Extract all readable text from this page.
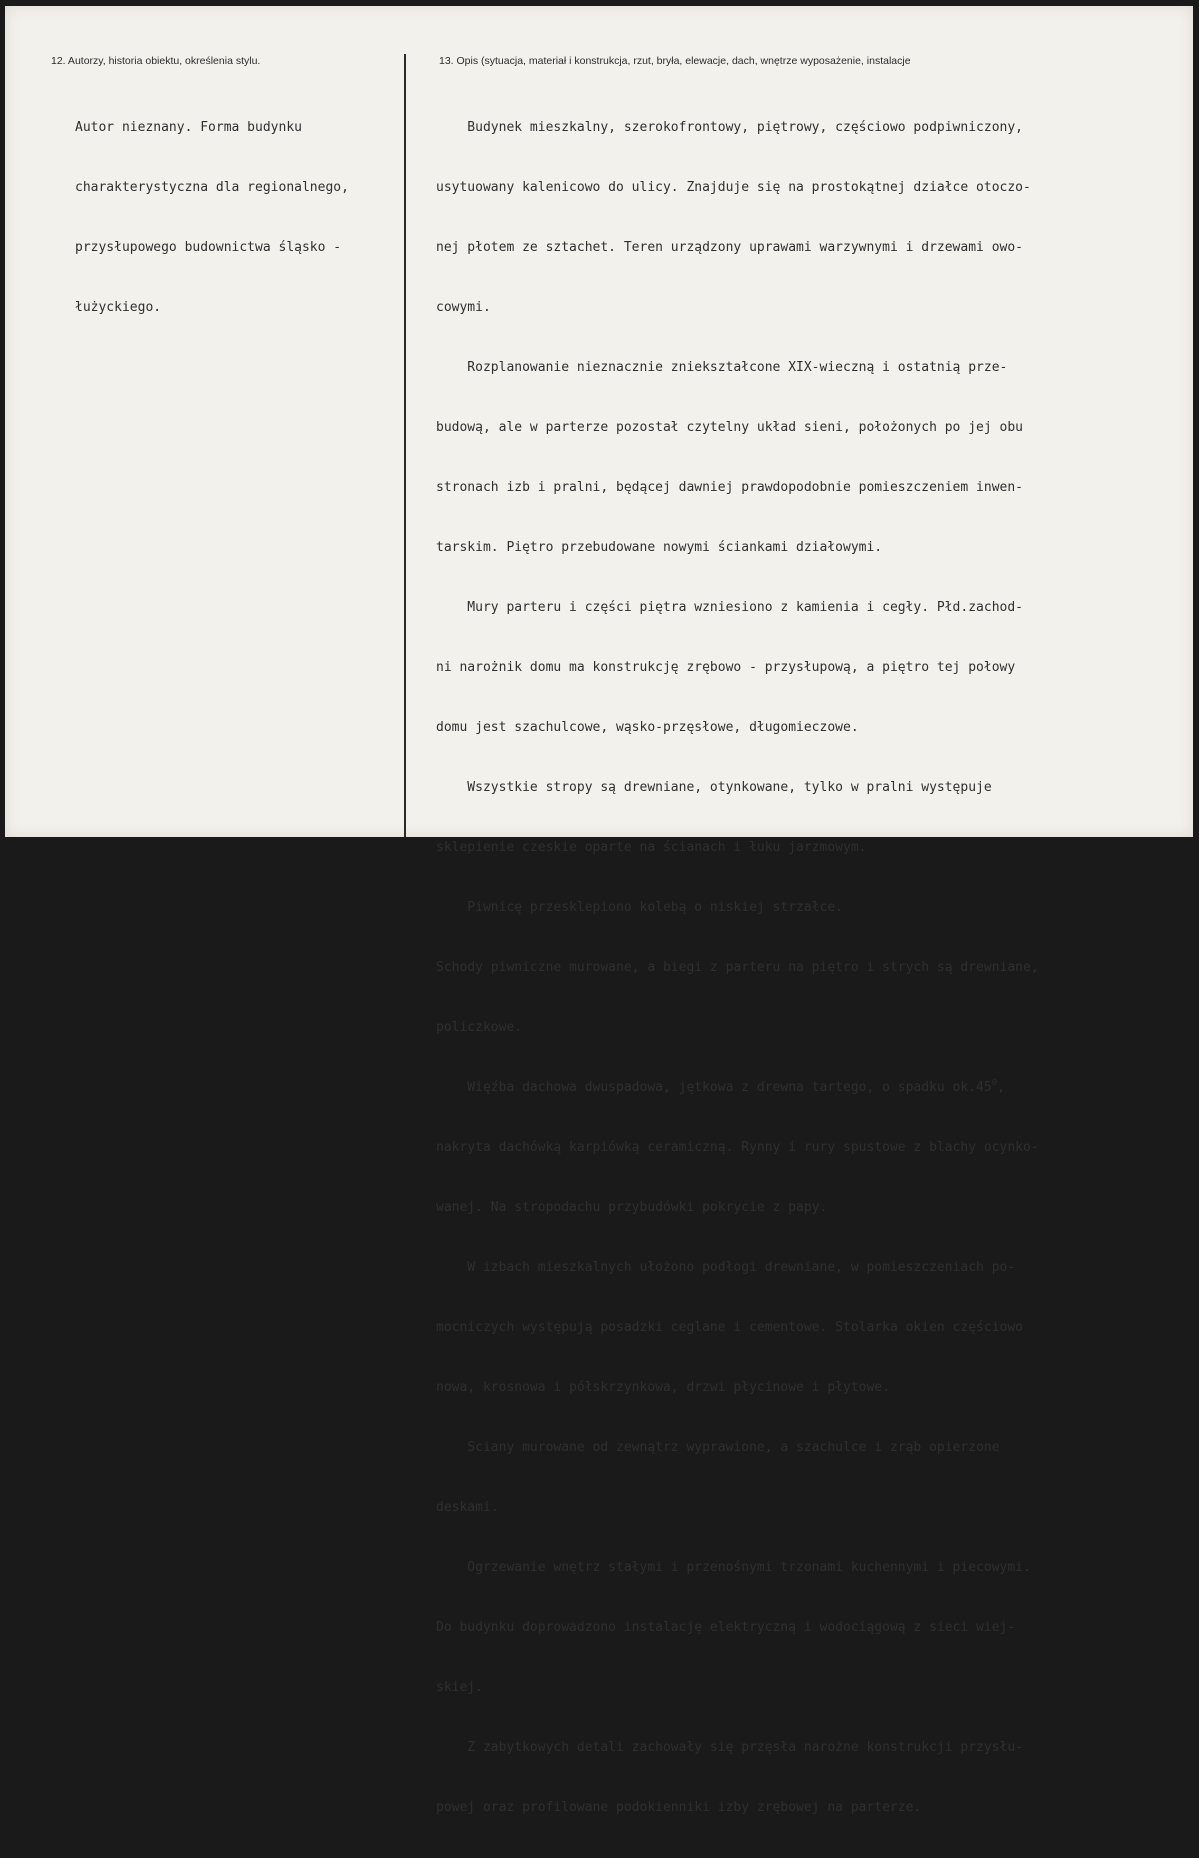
12. Autorzy, historia obiektu, określenia stylu.	13. Opis (sytuacja, materiał i konstrukcja, rzut, bryła, elewacje, dach, wnętrze wyposażenie, instalacje

Autor nieznany. Forma budynku

charakterystyczna dla regionalnego,

przysłupowego budownictwa śląsko -

łużyckiego.

Budynek mieszkalny, szerokofrontowy, piętrowy, częściowo podpiwniczony,

usytuowany kalenicowo do ulicy. Znajduje się na prostokątnej działce otoczo-

nej płotem ze sztachet. Teren urządzony uprawami warzywnymi i drzewami owo-

cowymi.

Rozplanowanie nieznacznie zniekształcone XIX-wieczną i ostatnią prze-

budową, ale w parterze pozostał czytelny układ sieni, położonych po jej obu

stronach izb i pralni, będącej dawniej prawdopodobnie pomieszczeniem inwen-

tarskim. Piętro przebudowane nowymi ściankami działowymi.

Mury parteru i części piętra wzniesiono z kamienia i cegły. Płd.zachod-

ni narożnik domu ma konstrukcję zrębowo - przysłupową, a piętro tej połowy

domu jest szachulcowe, wąsko-przęsłowe, długomieczowe.

Wszystkie stropy są drewniane, otynkowane, tylko w pralni występuje

sklepienie czeskie oparte na ścianach i łuku jarzmowym.

Piwnicę przesklepiono kolebą o niskiej strzałce.

Schody piwniczne murowane, a biegi z parteru na piętro i strych są drewniane,

policzkowe.

Więźba dachowa dwuspadowa, jętkowa z drewna tartego, o spadku $ok.45^0$,

nakryta dachówką karpiówką ceramiczną. Rynny i rury spustowe z blachy ocynko-

wanej. Na stropodachu przybudówki pokrycie z papy.

W izbach mieszkalnych ułożono podłogi drewniane, w pomieszczeniach po-

mocniczych występują posadzki ceglane i cementowe. Stolarka okien częściowo

nowa, krosnowa i półskrzynkowa, drzwi płycinowe i płytowe.

Sciany murowane od zewnątrz wyprawione, a szachulce i zrąb opierzone

deskami.

Ogrzewanie wnętrz stałymi i przenośnymi trzonami kuchennymi i piecowymi.

Do budynku doprowadzono instalację elektryczną i wodociągową z sieci wiej-

skiej.

Z zabytkowych detali zachowały się przęsła narożne konstrukcji przysłu-

powej oraz profilowane podokienniki izby zrębowej na parterze.
